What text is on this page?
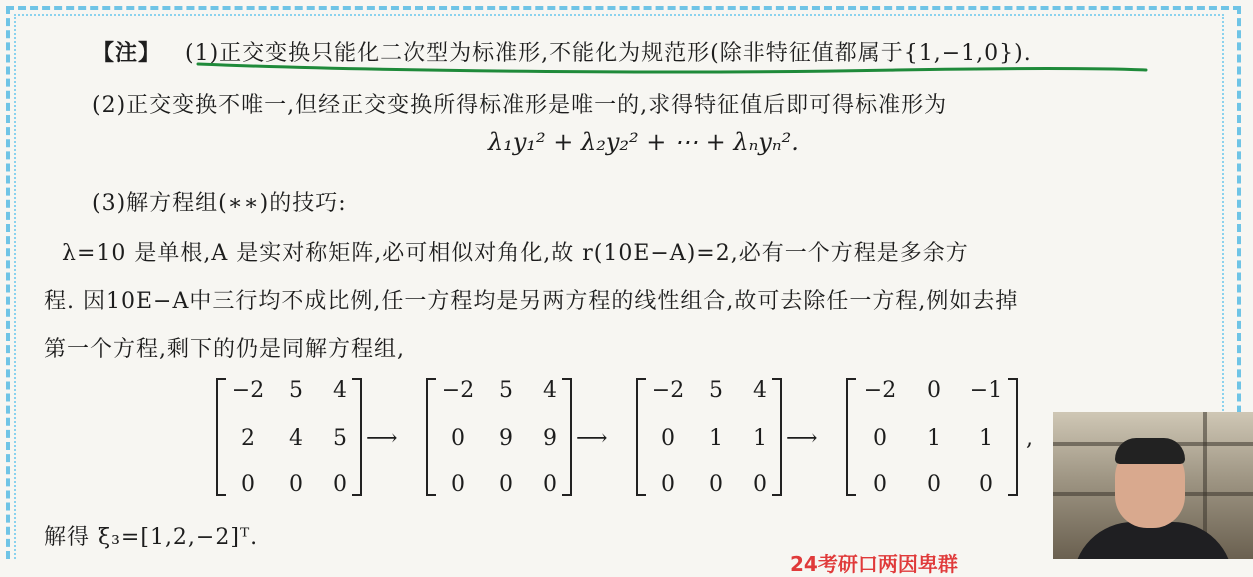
【注】 (1)正交变换只能化二次型为标准形,不能化为规范形(除非特征值都属于{1,−1,0}).
(2)正交变换不唯一,但经正交变换所得标准形是唯一的,求得特征值后即可得标准形为
λ₁y₁² + λ₂y₂² + ⋯ + λₙyₙ².
(3)解方程组(∗∗)的技巧:
λ=10 是单根,A 是实对称矩阵,必可相似对角化,故 r(10E−A)=2,必有一个方程是多余方
程. 因10E−A中三行均不成比例,任一方程均是另两方程的线性组合,故可去除任一方程,例如去掉
第一个方程,剩下的仍是同解方程组,
−2	5	4
2	4	5
0	0	0
⟶
−2	5	4
0	9	9
0	0	0
⟶
−2	5	4
0	1	1
0	0	0
⟶
−2	0	−1
0	1	1
0	0	0
,
解得 ξ₃=[1,2,−2]ᵀ.
24考研口两因卑群
